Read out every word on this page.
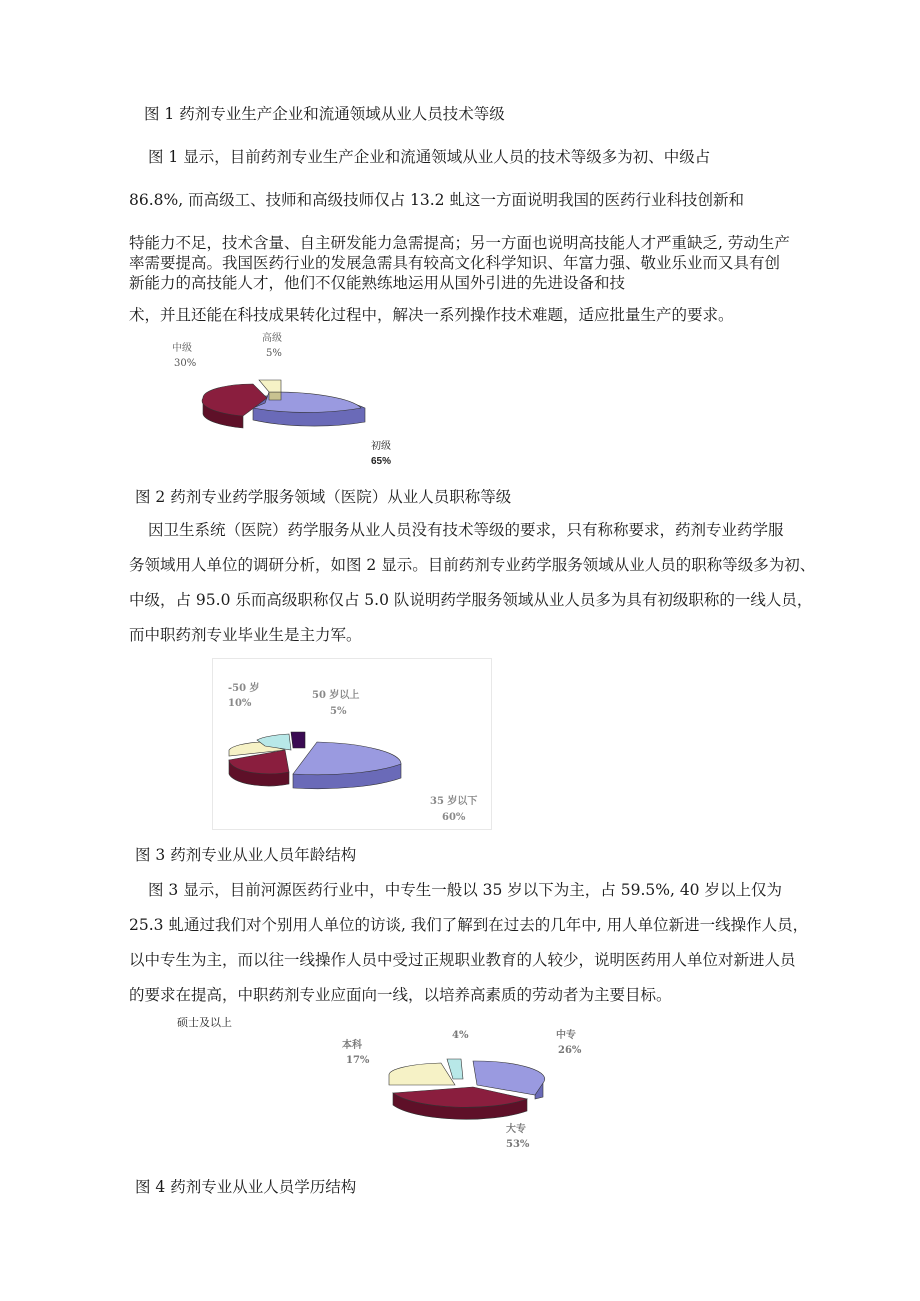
图 1 药剂专业生产企业和流通领域从业人员技术等级
图 1 显示，目前药剂专业生产企业和流通领域从业人员的技术等级多为初、中级占
86.8%, 而高级工、技师和高级技师仅占 13.2 虬这一方面说明我国的医药行业科技创新和
特能力不足，技术含量、自主研发能力急需提高；另一方面也说明高技能人才严重缺乏, 劳动生产
率需要提高。我国医药行业的发展急需具有较高文化科学知识、年富力强、敬业乐业而又具有创
新能力的高技能人才，他们不仅能熟练地运用从国外引进的先进设备和技
术，并且还能在科技成果转化过程中，解决一系列操作技术难题，适应批量生产的要求。
中级
30%
高级
5%
初级
65%
图 2 药剂专业药学服务领域（医院）从业人员职称等级
因卫生系统（医院）药学服务从业人员没有技术等级的要求，只有称称要求，药剂专业药学服
务领域用人单位的调研分析，如图 2 显示。目前药剂专业药学服务领域从业人员的职称等级多为初、
中级，占 95.0 乐而高级职称仅占 5.0 队说明药学服务领域从业人员多为具有初级职称的一线人员，
而中职药剂专业毕业生是主力军。
-50 岁
10%
50 岁以上
5%
35 岁以下
60%
图 3 药剂专业从业人员年龄结构
图 3 显示，目前河源医药行业中，中专生一般以 35 岁以下为主，占 59.5%, 40 岁以上仅为
25.3 虬通过我们对个别用人单位的访谈, 我们了解到在过去的几年中, 用人单位新进一线操作人员，
以中专生为主，而以往一线操作人员中受过正规职业教育的人较少，说明医药用人单位对新进人员
的要求在提高，中职药剂专业应面向一线，以培养高素质的劳动者为主要目标。
硕士及以上
本科
17%
4%	中专
26%
大专
53%
图 4 药剂专业从业人员学历结构
